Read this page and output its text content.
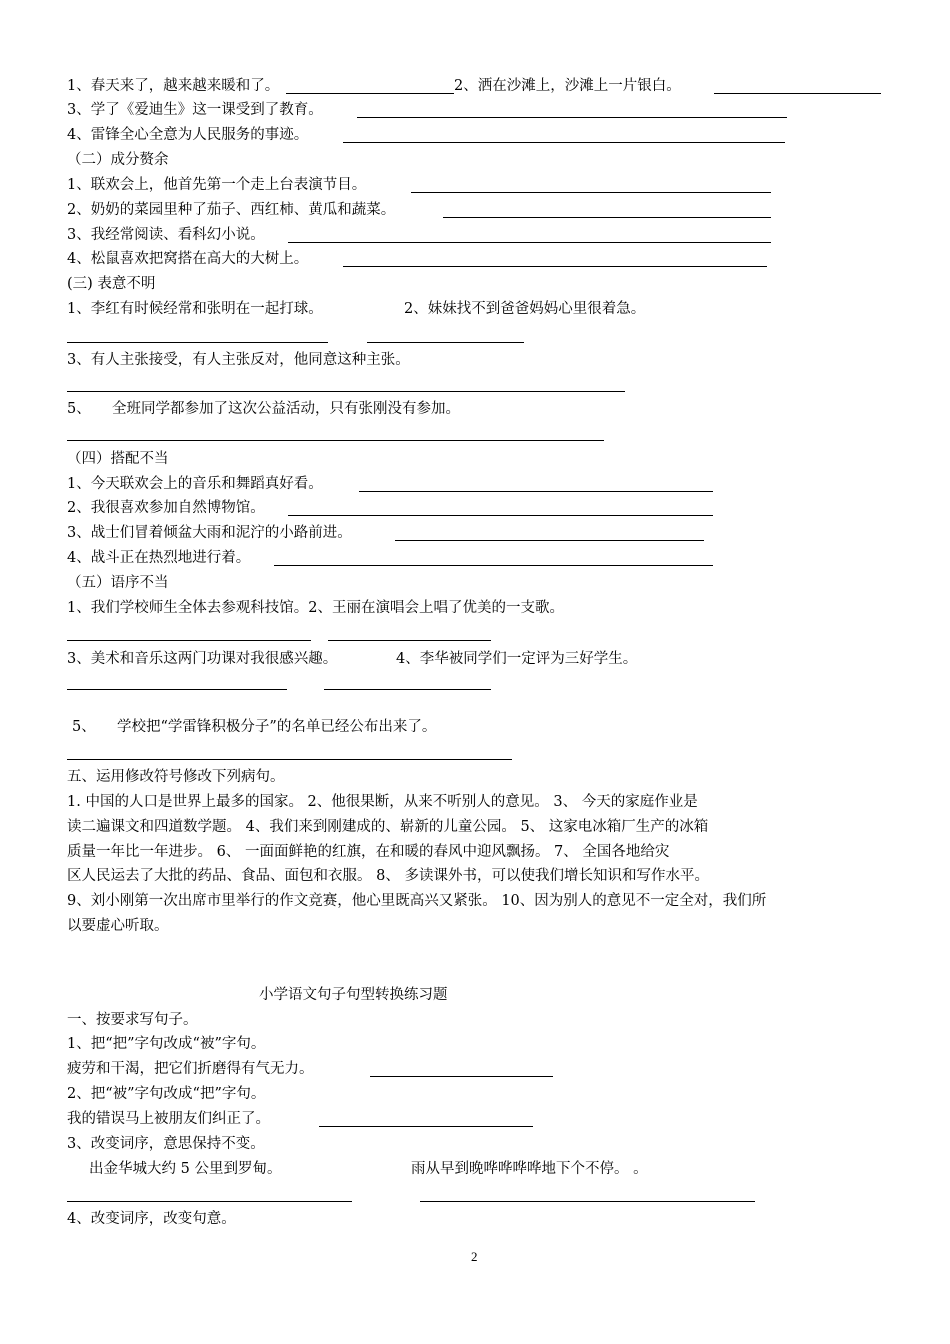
1、春天来了，越来越来暖和了。	2、洒在沙滩上，沙滩上一片银白。
3、学了《爱迪生》这一课受到了教育。
4、雷锋全心全意为人民服务的事迹。
（二）成分赘余
1、联欢会上，他首先第一个走上台表演节目。
2、奶奶的菜园里种了茄子、西红柿、黄瓜和蔬菜。
3、我经常阅读、看科幻小说。
4、松鼠喜欢把窝搭在高大的大树上。
(三) 表意不明
1、李红有时候经常和张明在一起打球。	2、妹妹找不到爸爸妈妈心里很着急。
3、有人主张接受，有人主张反对，他同意这种主张。
5、 全班同学都参加了这次公益活动，只有张刚没有参加。
（四）搭配不当
1、今天联欢会上的音乐和舞蹈真好看。
2、我很喜欢参加自然博物馆。
3、战士们冒着倾盆大雨和泥泞的小路前进。
4、战斗正在热烈地进行着。
（五）语序不当
1、我们学校师生全体去参观科技馆。2、王丽在演唱会上唱了优美的一支歌。
3、美术和音乐这两门功课对我很感兴趣。	4、李华被同学们一定评为三好学生。
5、 学校把“学雷锋积极分子”的名单已经公布出来了。
五、运用修改符号修改下列病句。
1. 中国的人口是世界上最多的国家。 2、他很果断，从来不听别人的意见。 3、 今天的家庭作业是
读二遍课文和四道数学题。 4、我们来到刚建成的、崭新的儿童公园。 5、 这家电冰箱厂生产的冰箱
质量一年比一年进步。 6、 一面面鲜艳的红旗，在和暖的春风中迎风飘扬。 7、 全国各地给灾
区人民运去了大批的药品、食品、面包和衣服。 8、 多读课外书，可以使我们增长知识和写作水平。
9、刘小刚第一次出席市里举行的作文竞赛，他心里既高兴又紧张。 10、因为别人的意见不一定全对，我们所
以要虚心听取。
小学语文句子句型转换练习题
一、按要求写句子。
1、把“把”字句改成“被”字句。
疲劳和干渴，把它们折磨得有气无力。
2、把“被”字句改成“把”字句。
我的错误马上被朋友们纠正了。
3、改变词序，意思保持不变。
出金华城大约 5 公里到罗甸。	雨从早到晚哗哗哗哗地下个不停。 。
4、改变词序，改变句意。
2
